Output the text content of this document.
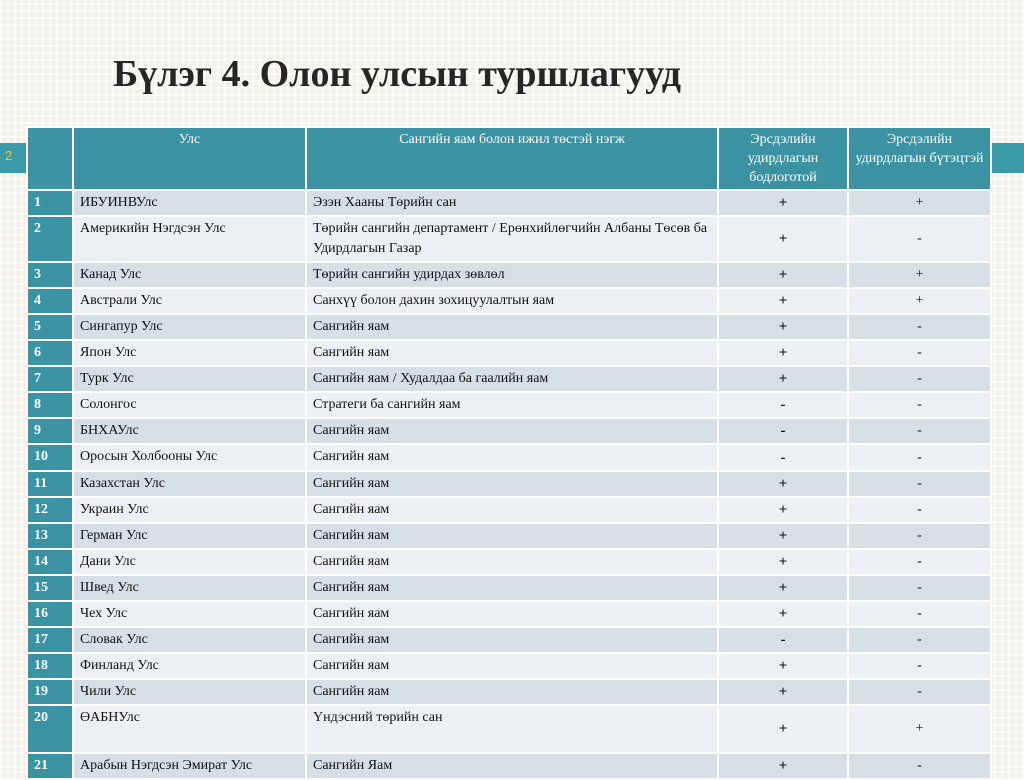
2
Бүлэг 4. Олон улсын туршлагууд
	Улс	Сангийн яам болон ижил төстэй нэгж	Эрсдэлийн удирдлагын бодлоготой	Эрсдэлийн удирдлагын бүтэцтэй
1	ИБУИНВУлс	Эзэн Хааны Төрийн сан	+	+
2	Америкийн Нэгдсэн Улс	Төрийн сангийн департамент / Ерөнхийлөгчийн Албаны Төсөв ба Удирдлагын Газар	+	-
3	Канад Улс	Төрийн сангийн удирдах зөвлөл	+	+
4	Австрали Улс	Санхүү болон дахин зохицуулалтын яам	+	+
5	Сингапур Улс	Сангийн яам	+	-
6	Япон Улс	Сангийн яам	+	-
7	Турк Улс	Сангийн яам / Худалдаа ба гаалийн яам	+	-
8	Солонгос	Стратеги ба сангийн яам	-	-
9	БНХАУлс	Сангийн яам	-	-
10	Оросын Холбооны Улс	Сангийн яам	-	-
11	Казахстан Улс	Сангийн яам	+	-
12	Украин Улс	Сангийн яам	+	-
13	Герман Улс	Сангийн яам	+	-
14	Дани Улс	Сангийн яам	+	-
15	Швед Улс	Сангийн яам	+	-
16	Чех Улс	Сангийн яам	+	-
17	Словак Улс	Сангийн яам	-	-
18	Финланд Улс	Сангийн яам	+	-
19	Чили Улс	Сангийн яам	+	-
20	ӨАБНУлс	Үндэсний төрийн сан	+	+
21	Арабын Нэгдсэн Эмират Улс	Сангийн Яам	+	-
